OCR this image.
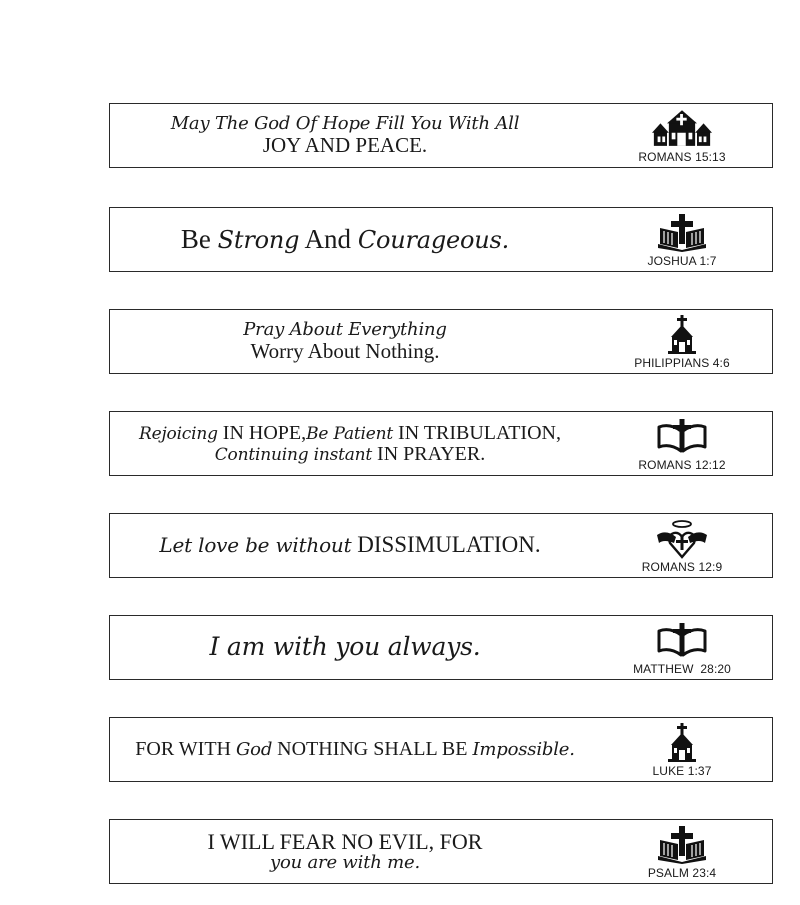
May The God Of Hope Fill You With All
JOY AND PEACE.
ROMANS 15:13
Be Strong And Courageous.
JOSHUA 1:7
Pray About Everything
Worry About Nothing.
PHILIPPIANS 4:6
Rejoicing IN HOPE,Be Patient IN TRIBULATION,
Continuing instant IN PRAYER.
ROMANS 12:12
Let love be without DISSIMULATION.
ROMANS 12:9
I am with you always.
MATTHEW  28:20
FOR WITH God NOTHING SHALL BE Impossible.
LUKE 1:37
I WILL FEAR NO EVIL, FOR
you are with me.
PSALM 23:4
